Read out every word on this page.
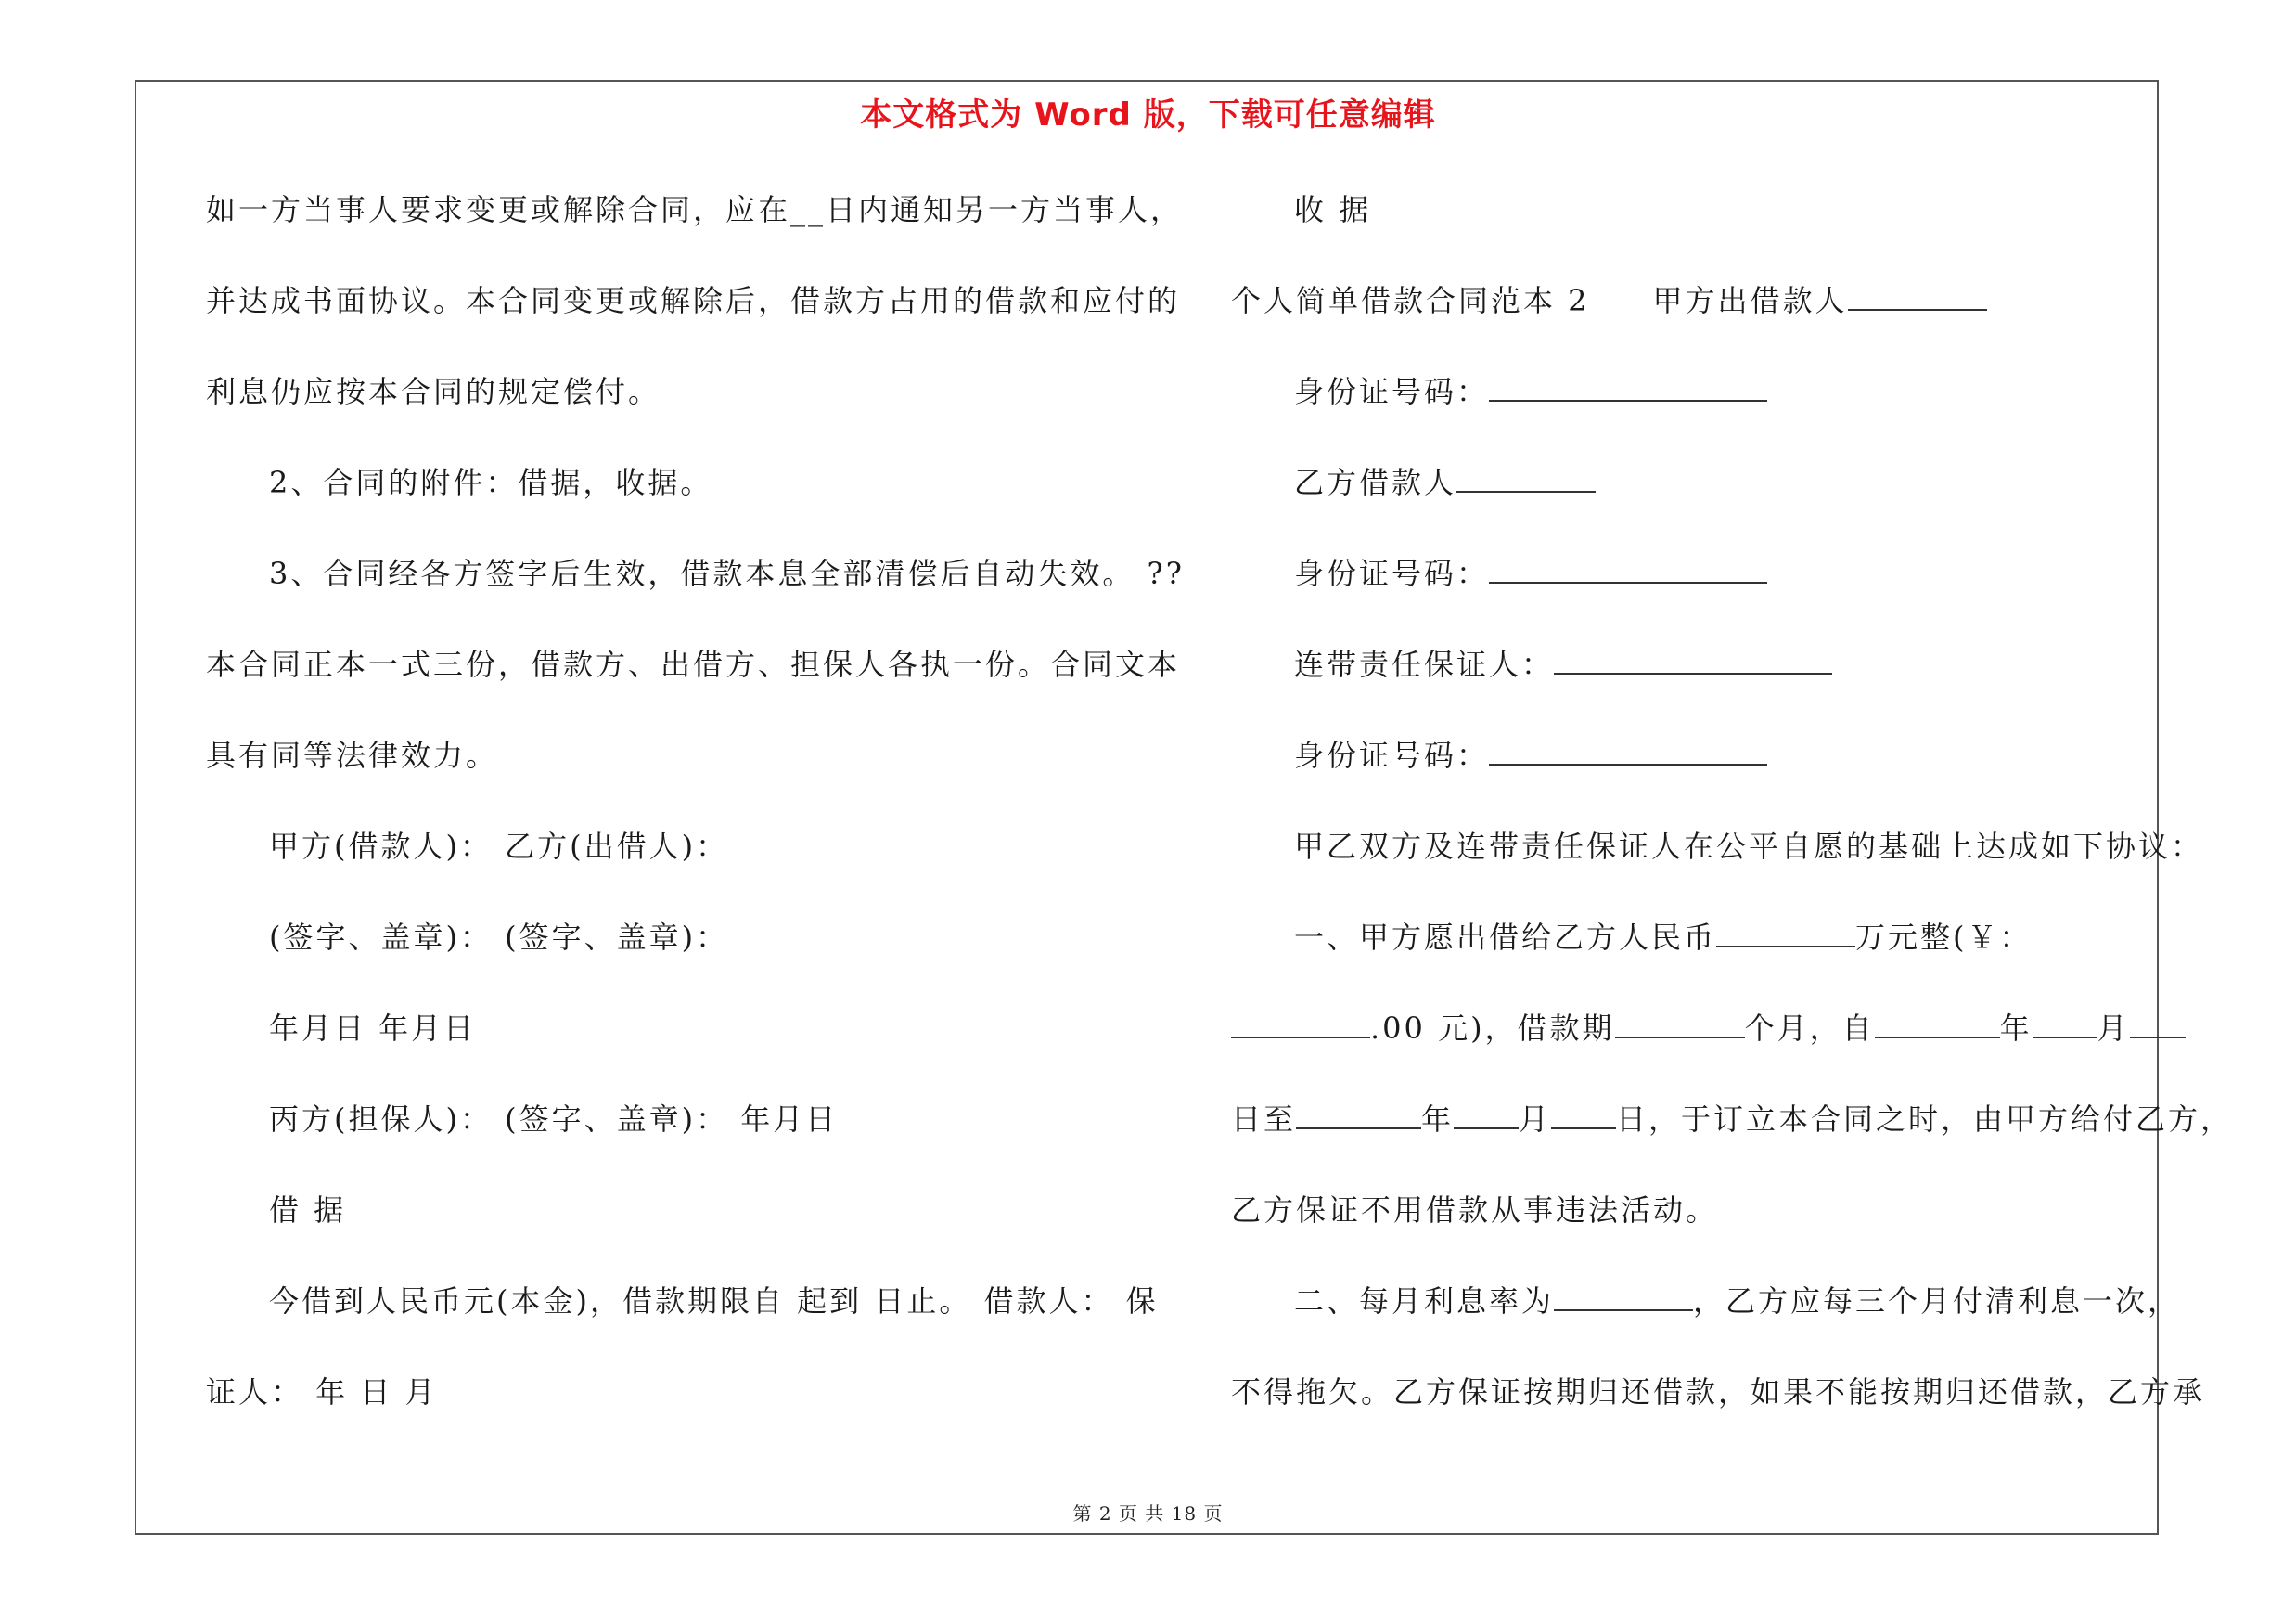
本文格式为 Word 版，下载可任意编辑
如一方当事人要求变更或解除合同，应在__日内通知另一方当事人，
并达成书面协议。本合同变更或解除后，借款方占用的借款和应付的
利息仍应按本合同的规定偿付。
2、合同的附件：借据，收据。
3、合同经各方签字后生效，借款本息全部清偿后自动失效。 ??
本合同正本一式三份，借款方、出借方、担保人各执一份。合同文本
具有同等法律效力。
甲方(借款人)： 乙方(出借人)：
(签字、盖章)： (签字、盖章)：
年月日 年月日
丙方(担保人)： (签字、盖章)： 年月日
借 据
今借到人民币元(本金)，借款期限自 起到 日止。 借款人： 保
证人： 年 日 月
收 据
个人简单借款合同范本 2 甲方出借款人
身份证号码：
乙方借款人
身份证号码：
连带责任保证人：
身份证号码：
甲乙双方及连带责任保证人在公平自愿的基础上达成如下协议：
一、甲方愿出借给乙方人民币	万元整(￥：
.00 元)，借款期	个月，自	年 月
日至	年 月 日，于订立本合同之时，由甲方给付乙方，
乙方保证不用借款从事违法活动。
二、每月利息率为	，乙方应每三个月付清利息一次，
不得拖欠。乙方保证按期归还借款，如果不能按期归还借款，乙方承
第 2 页 共 18 页
